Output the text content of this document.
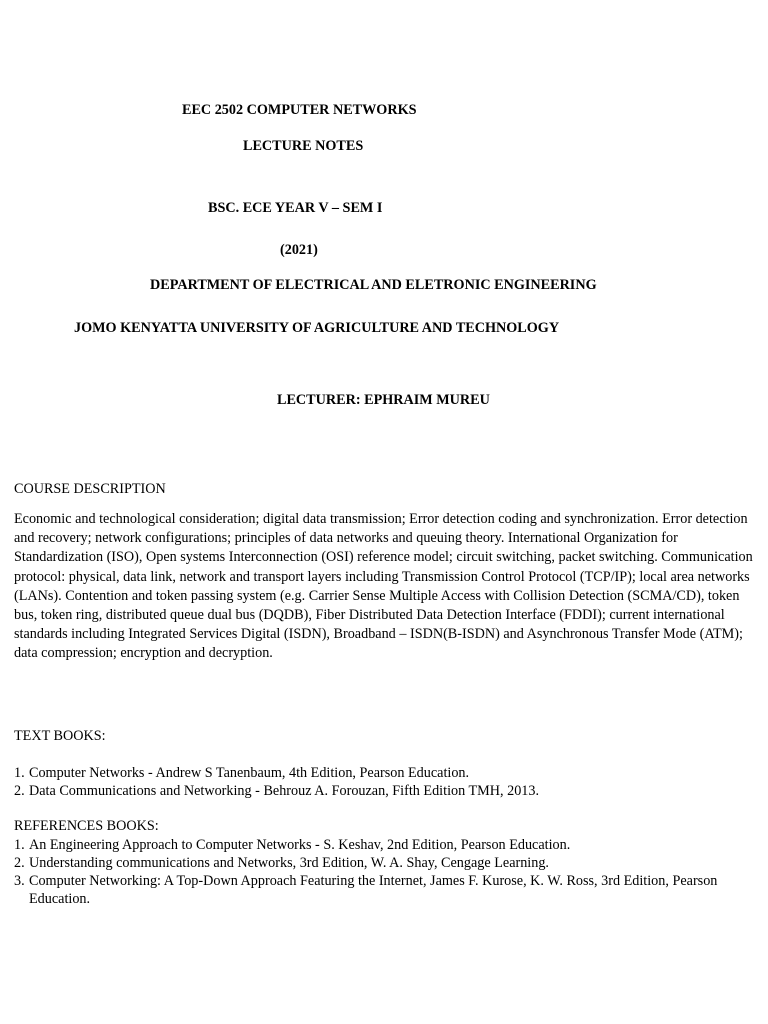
EEC 2502 COMPUTER NETWORKS
LECTURE NOTES
BSC. ECE YEAR V – SEM I
(2021)
DEPARTMENT OF ELECTRICAL AND ELETRONIC ENGINEERING
JOMO KENYATTA UNIVERSITY OF AGRICULTURE AND TECHNOLOGY
LECTURER: EPHRAIM MUREU
COURSE DESCRIPTION
Economic and technological consideration; digital data transmission; Error detection coding and synchronization. Error detection and recovery; network configurations; principles of data networks and queuing theory. International Organization for Standardization (ISO), Open systems Interconnection (OSI) reference model; circuit switching, packet switching. Communication protocol: physical, data link, network and transport layers including Transmission Control Protocol (TCP/IP); local area networks (LANs). Contention and token passing system (e.g. Carrier Sense Multiple Access with Collision Detection (SCMA/CD), token bus, token ring, distributed queue dual bus (DQDB), Fiber Distributed Data Detection Interface (FDDI); current international standards including Integrated Services Digital (ISDN), Broadband – ISDN(B-ISDN) and Asynchronous Transfer Mode (ATM); data compression; encryption and decryption.
TEXT BOOKS:
1. Computer Networks - Andrew S Tanenbaum, 4th Edition, Pearson Education.
2. Data Communications and Networking - Behrouz A. Forouzan, Fifth Edition TMH, 2013.
REFERENCES BOOKS:
1. An Engineering Approach to Computer Networks - S. Keshav, 2nd Edition, Pearson Education.
2. Understanding communications and Networks, 3rd Edition, W. A. Shay, Cengage Learning.
3. Computer Networking: A Top-Down Approach Featuring the Internet, James F. Kurose, K. W. Ross, 3rd Edition, Pearson Education.
